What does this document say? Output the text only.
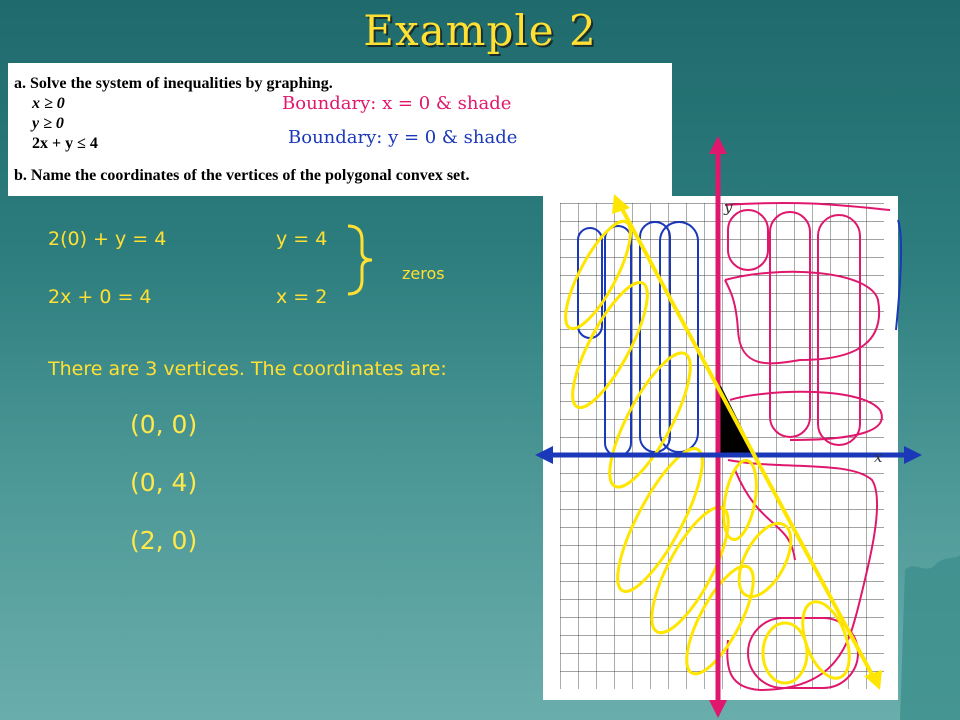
Example 2
a. Solve the system of inequalities by graphing.
x ≥ 0
y ≥ 0
2x + y ≤ 4
b. Name the coordinates of the vertices of the polygonal convex set.
Boundary: x = 0 & shade
Boundary: y = 0 & shade
2(0) + y = 4	y = 4
2x + 0 = 4	x = 2
zeros
There are 3 vertices. The coordinates are:
(0, 0)
(0, 4)
(2, 0)
y
x
